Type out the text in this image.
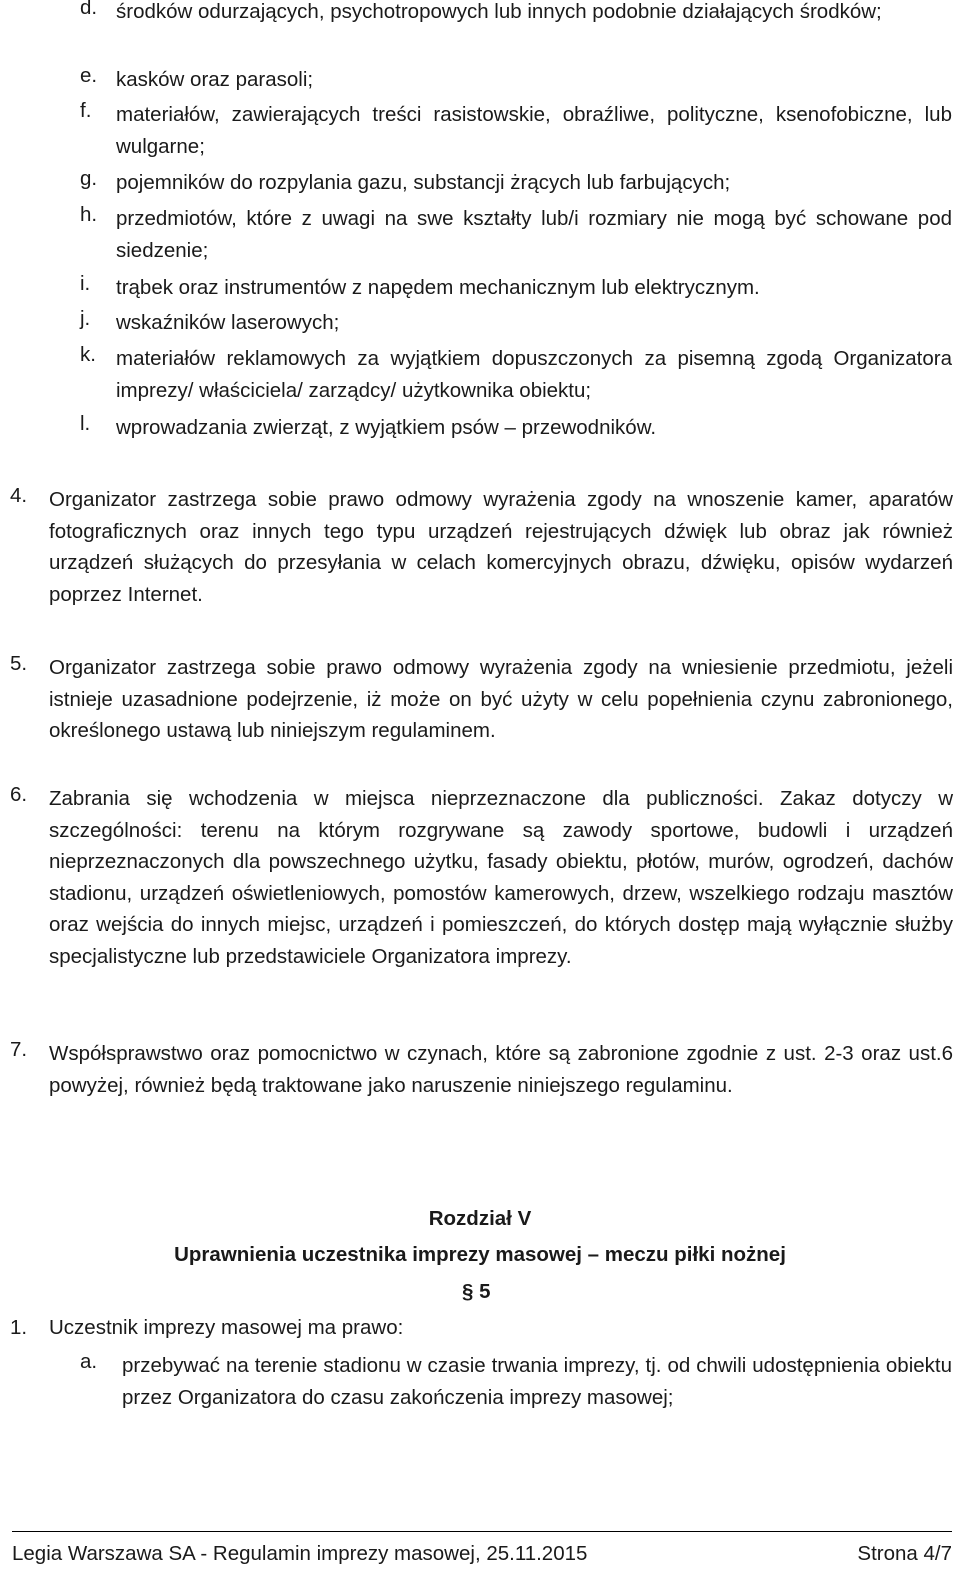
d. środków odurzających, psychotropowych lub innych podobnie działających środków;
e. kasków oraz parasoli;
f. materiałów, zawierających treści rasistowskie, obraźliwe, polityczne, ksenofobiczne, lub wulgarne;
g. pojemników do rozpylania gazu, substancji żrących lub farbujących;
h. przedmiotów, które z uwagi na swe kształty lub/i rozmiary nie mogą być schowane pod siedzenie;
i. trąbek oraz instrumentów z napędem mechanicznym lub elektrycznym.
j. wskaźników laserowych;
k. materiałów reklamowych za wyjątkiem dopuszczonych za pisemną zgodą Organizatora imprezy/ właściciela/ zarządcy/ użytkownika obiektu;
l. wprowadzania zwierząt, z wyjątkiem psów – przewodników.
4. Organizator zastrzega sobie prawo odmowy wyrażenia zgody na wnoszenie kamer, aparatów fotograficznych oraz innych tego typu urządzeń rejestrujących dźwięk lub obraz jak również urządzeń służących do przesyłania w celach komercyjnych obrazu, dźwięku, opisów wydarzeń poprzez Internet.
5. Organizator zastrzega sobie prawo odmowy wyrażenia zgody na wniesienie przedmiotu, jeżeli istnieje uzasadnione podejrzenie, iż może on być użyty w celu popełnienia czynu zabronionego, określonego ustawą lub niniejszym regulaminem.
6. Zabrania się wchodzenia w miejsca nieprzeznaczone dla publiczności. Zakaz dotyczy w szczególności: terenu na którym rozgrywane są zawody sportowe, budowli i urządzeń nieprzeznaczonych dla powszechnego użytku, fasady obiektu, płotów, murów, ogrodzeń, dachów stadionu, urządzeń oświetleniowych, pomostów kamerowych, drzew, wszelkiego rodzaju masztów oraz wejścia do innych miejsc, urządzeń i pomieszczeń, do których dostęp mają wyłącznie służby specjalistyczne lub przedstawiciele Organizatora imprezy.
7. Współsprawstwo oraz pomocnictwo w czynach, które są zabronione zgodnie z ust. 2-3 oraz ust.6 powyżej, również będą traktowane jako naruszenie niniejszego regulaminu.
Rozdział V
Uprawnienia uczestnika imprezy masowej – meczu piłki nożnej
§ 5
1. Uczestnik imprezy masowej ma prawo:
a. przebywać na terenie stadionu w czasie trwania imprezy, tj. od chwili udostępnienia obiektu przez Organizatora do czasu zakończenia imprezy masowej;
Legia Warszawa SA - Regulamin imprezy masowej, 25.11.2015	Strona 4/7
